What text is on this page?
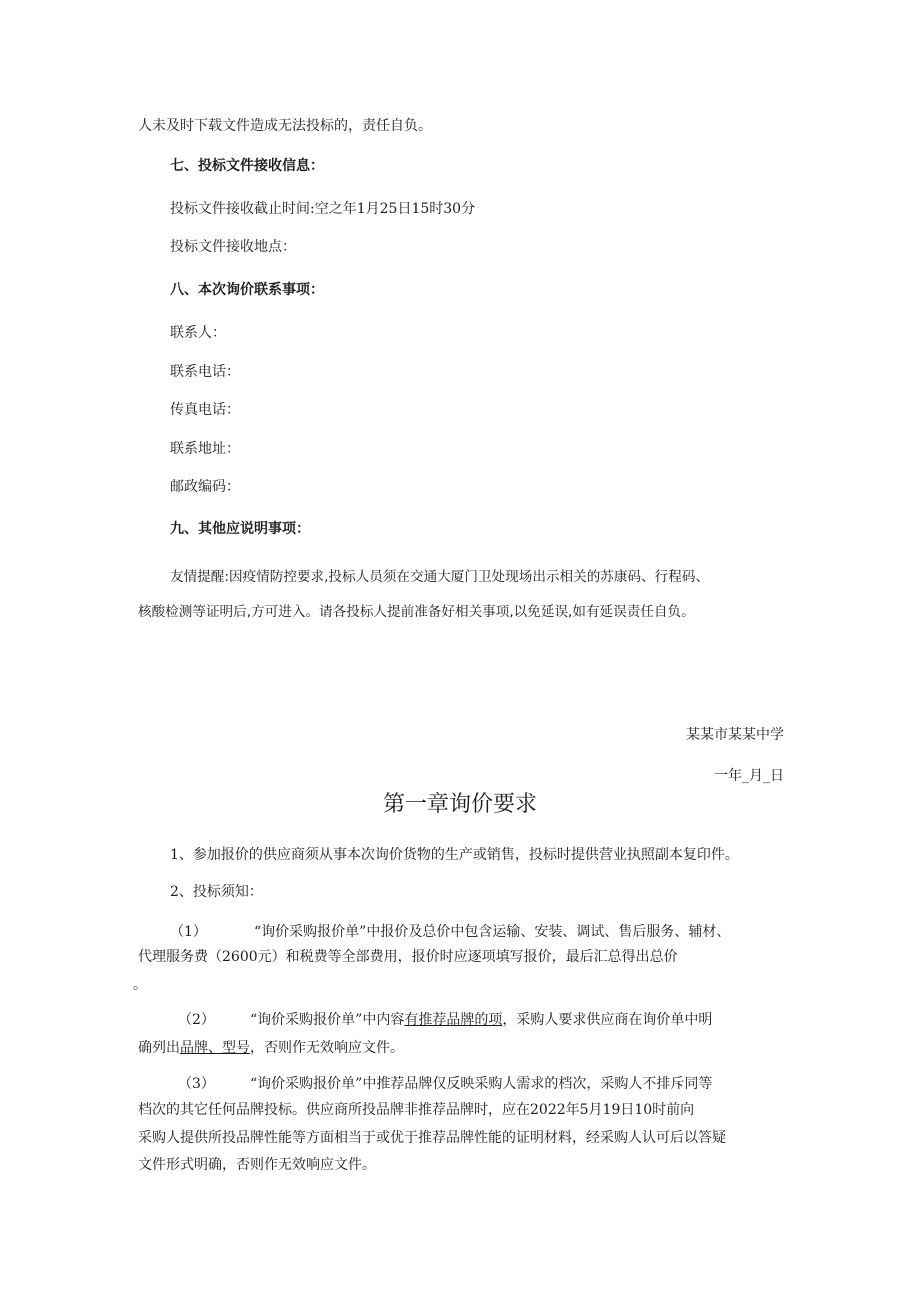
人未及时下载文件造成无法投标的，责任自负。
七、投标文件接收信息：
投标文件接收截止时间:空之年1月25日15时30分
投标文件接收地点：
八、本次询价联系事项：
联系人：
联系电话：
传真电话：
联系地址：
邮政编码：
九、其他应说明事项：
友情提醒:因疫情防控要求,投标人员须在交通大厦门卫处现场出示相关的苏康码、行程码、
核酸检测等证明后,方可进入。请各投标人提前准备好相关事项,以免延误,如有延误责任自负。
某某市某某中学
一年_月_日
第一章询价要求
1、参加报价的供应商须从事本次询价货物的生产或销售，投标时提供营业执照副本复印件。
2、投标须知：
（1）	“询价采购报价单”中报价及总价中包含运输、安装、调试、售后服务、辅材、
代理服务费（2600元）和税费等全部费用，报价时应逐项填写报价，最后汇总得出总价
。
（2）	“询价采购报价单”中内容有推荐品牌的项，采购人要求供应商在询价单中明
确列出品牌、型号，否则作无效响应文件。
（3）	“询价采购报价单”中推荐品牌仅反映采购人需求的档次，采购人不排斥同等
档次的其它任何品牌投标。供应商所投品牌非推荐品牌时，应在2022年5月19日10时前向
采购人提供所投品牌性能等方面相当于或优于推荐品牌性能的证明材料，经采购人认可后以答疑
文件形式明确，否则作无效响应文件。
